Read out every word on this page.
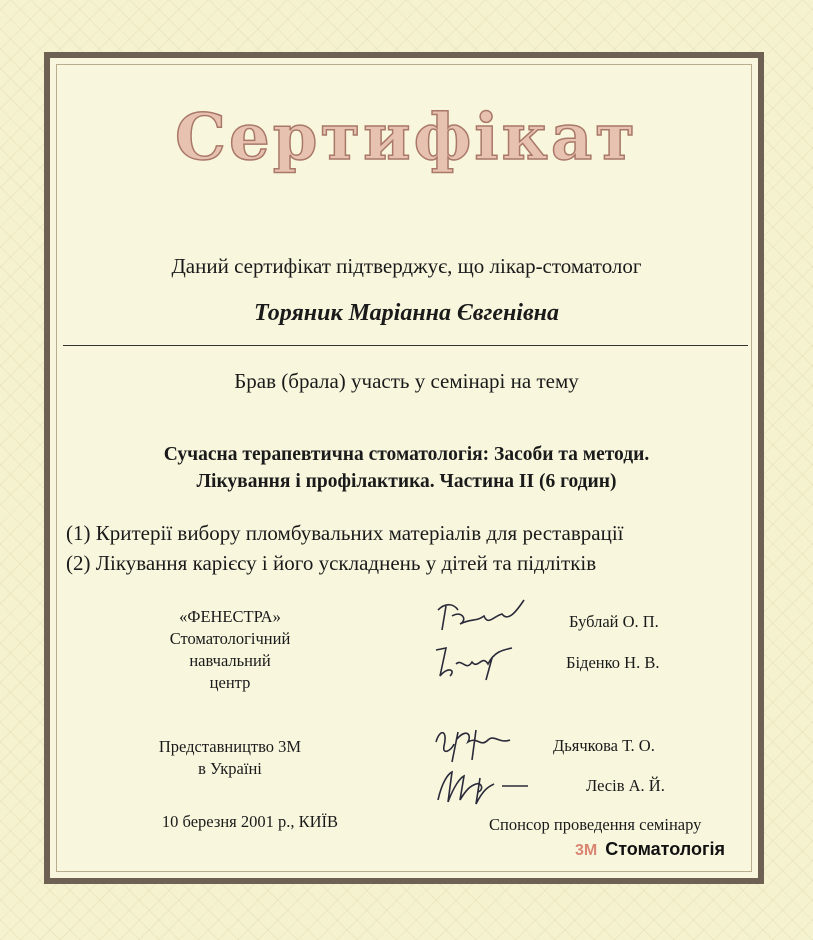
Сертифікат
Даний сертифікат підтверджує, що лікар-стоматолог
Торяник Маріанна Євгенівна
Брав (брала) участь у семінарі на тему
Сучасна терапевтична стоматологія: Засоби та методи.
Лікування і профілактика. Частина II (6 годин)
(1) Критерії вибору пломбувальних матеріалів для реставрації
(2) Лікування карієсу і його ускладнень у дітей та підлітків
«ФЕНЕСТРА»
Стоматологічний
навчальний
центр
Представництво 3М
в Україні
10 березня 2001 р., КИЇВ
Бублай О. П.
Біденко Н. В.
Дьячкова Т. О.
Лесів А. Й.
Спонсор проведення семінару
3M Стоматологія
